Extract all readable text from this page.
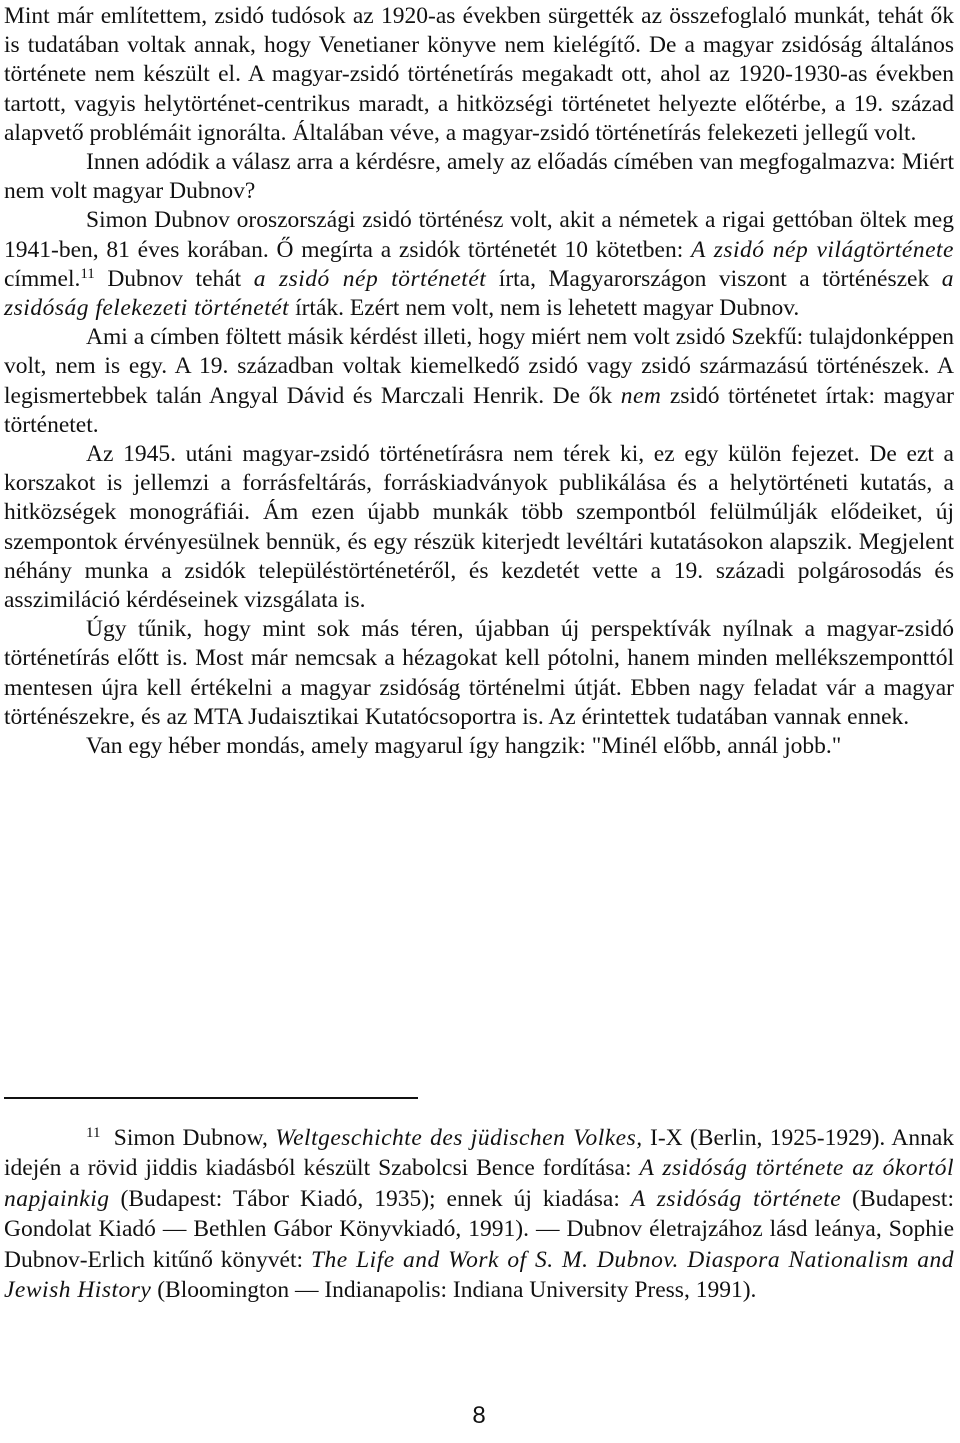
Mint már említettem, zsidó tudósok az 1920-as években sürgették az összefoglaló munkát, tehát ők is tudatában voltak annak, hogy Venetianer könyve nem kielégítő. De a magyar zsidóság általános története nem készült el. A magyar-zsidó történetírás megakadt ott, ahol az 1920-1930-as években tartott, vagyis helytörténet-centrikus maradt, a hitközségi történetet helyezte előtérbe, a 19. század alapvető problémáit ignorálta. Általában véve, a magyar-zsidó történetírás felekezeti jellegű volt.

Innen adódik a válasz arra a kérdésre, amely az előadás címében van megfogalmazva: Miért nem volt magyar Dubnov?

Simon Dubnov oroszországi zsidó történész volt, akit a németek a rigai gettóban öltek meg 1941-ben, 81 éves korában. Ő megírta a zsidók történetét 10 kötetben: A zsidó nép világtörténete címmel.$^{11}$ Dubnov tehát a zsidó nép történetét írta, Magyarországon viszont a történészek a zsidóság felekezeti történetét írták. Ezért nem volt, nem is lehetett magyar Dubnov.

Ami a címben föltett másik kérdést illeti, hogy miért nem volt zsidó Szekfű: tulajdonképpen volt, nem is egy. A 19. században voltak kiemelkedő zsidó vagy zsidó származású történészek. A legismertebbek talán Angyal Dávid és Marczali Henrik. De ők nem zsidó történetet írtak: magyar történetet.

Az 1945. utáni magyar-zsidó történetírásra nem térek ki, ez egy külön fejezet. De ezt a korszakot is jellemzi a forrásfeltárás, forráskiadványok publikálása és a helytörténeti kutatás, a hitközségek monográfiái. Ám ezen újabb munkák több szempontból felülmúlják elődeiket, új szempontok érvényesülnek bennük, és egy részük kiterjedt levéltári kutatásokon alapszik. Megjelent néhány munka a zsidók településtörténetéről, és kezdetét vette a 19. századi polgárosodás és asszimiláció kérdéseinek vizsgálata is.

Úgy tűnik, hogy mint sok más téren, újabban új perspektívák nyílnak a magyar-zsidó történetírás előtt is. Most már nemcsak a hézagokat kell pótolni, hanem minden mellékszemponttól mentesen újra kell értékelni a magyar zsidóság történelmi útját. Ebben nagy feladat vár a magyar történészekre, és az MTA Judaisztikai Kutatócsoportra is. Az érintettek tudatában vannak ennek.

Van egy héber mondás, amely magyarul így hangzik: "Minél előbb, annál jobb."

$^{11}$ Simon Dubnow, Weltgeschichte des jüdischen Volkes, I-X (Berlin, 1925-1929). Annak idején a rövid jiddis kiadásból készült Szabolcsi Bence fordítása: A zsidóság története az ókortól napjainkig (Budapest: Tábor Kiadó, 1935); ennek új kiadása: A zsidóság története (Budapest: Gondolat Kiadó — Bethlen Gábor Könyvkiadó, 1991). — Dubnov életrajzához lásd leánya, Sophie Dubnov-Erlich kitűnő könyvét: The Life and Work of S. M. Dubnov. Diaspora Nationalism and Jewish History (Bloomington — Indianapolis: Indiana University Press, 1991).

8
